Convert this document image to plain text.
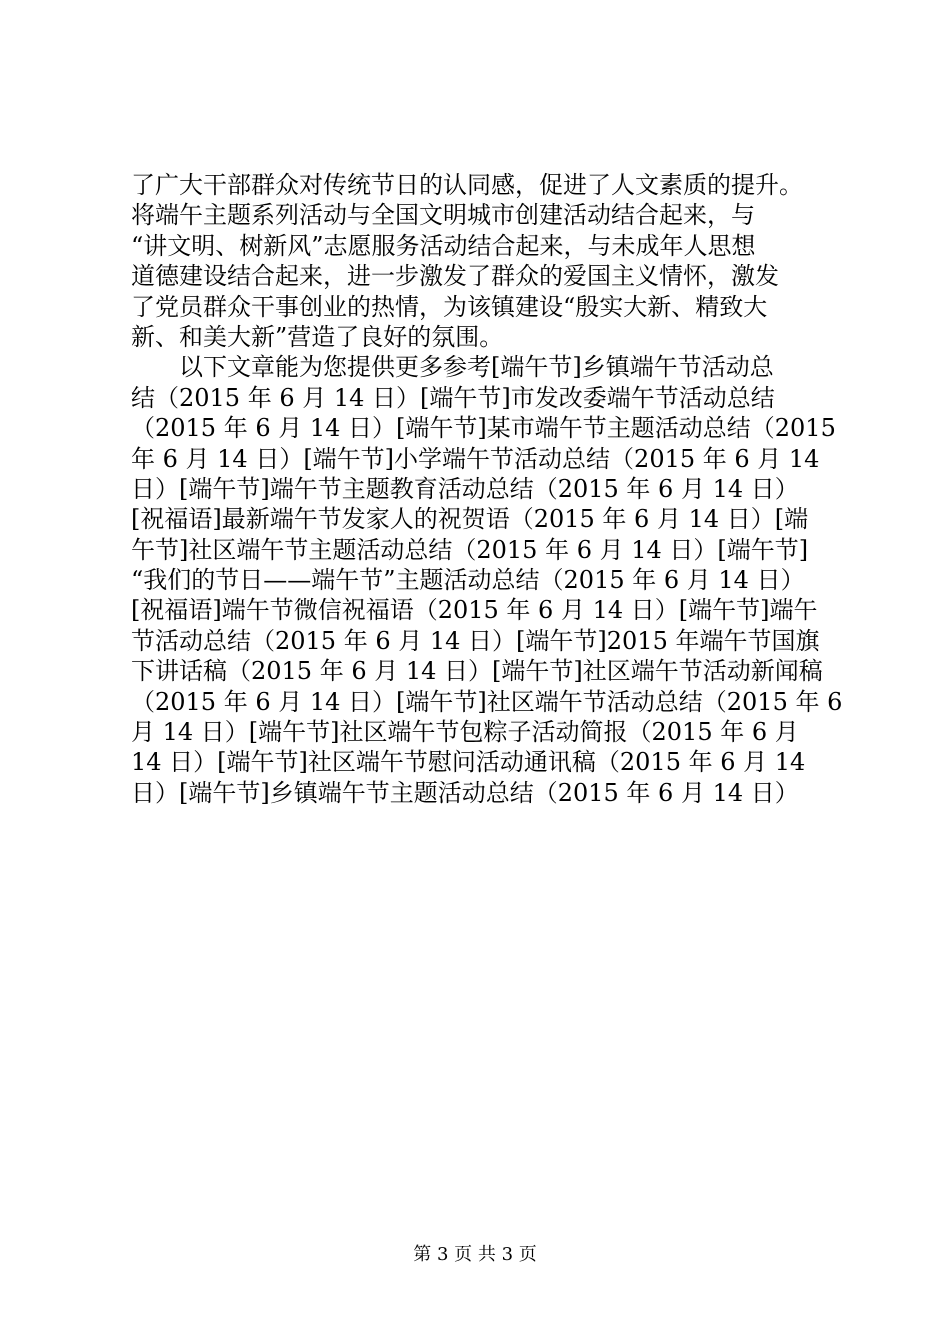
了广大干部群众对传统节日的认同感，促进了人文素质的提升。
将端午主题系列活动与全国文明城市创建活动结合起来，与
“讲文明、树新风”志愿服务活动结合起来，与未成年人思想
道德建设结合起来，进一步激发了群众的爱国主义情怀，激发
了党员群众干事创业的热情，为该镇建设“殷实大新、精致大
新、和美大新”营造了良好的氛围。
以下文章能为您提供更多参考[端午节]乡镇端午节活动总
结（2015 年 6 月 14 日）[端午节]市发改委端午节活动总结
（2015 年 6 月 14 日）[端午节]某市端午节主题活动总结（2015
年 6 月 14 日）[端午节]小学端午节活动总结（2015 年 6 月 14
日）[端午节]端午节主题教育活动总结（2015 年 6 月 14 日）
[祝福语]最新端午节发家人的祝贺语（2015 年 6 月 14 日）[端
午节]社区端午节主题活动总结（2015 年 6 月 14 日）[端午节]
“我们的节日——端午节”主题活动总结（2015 年 6 月 14 日）
[祝福语]端午节微信祝福语（2015 年 6 月 14 日）[端午节]端午
节活动总结（2015 年 6 月 14 日）[端午节]2015 年端午节国旗
下讲话稿（2015 年 6 月 14 日）[端午节]社区端午节活动新闻稿
（2015 年 6 月 14 日）[端午节]社区端午节活动总结（2015 年 6
月 14 日）[端午节]社区端午节包粽子活动简报（2015 年 6 月
14 日）[端午节]社区端午节慰问活动通讯稿（2015 年 6 月 14
日）[端午节]乡镇端午节主题活动总结（2015 年 6 月 14 日）
第 3 页 共 3 页
